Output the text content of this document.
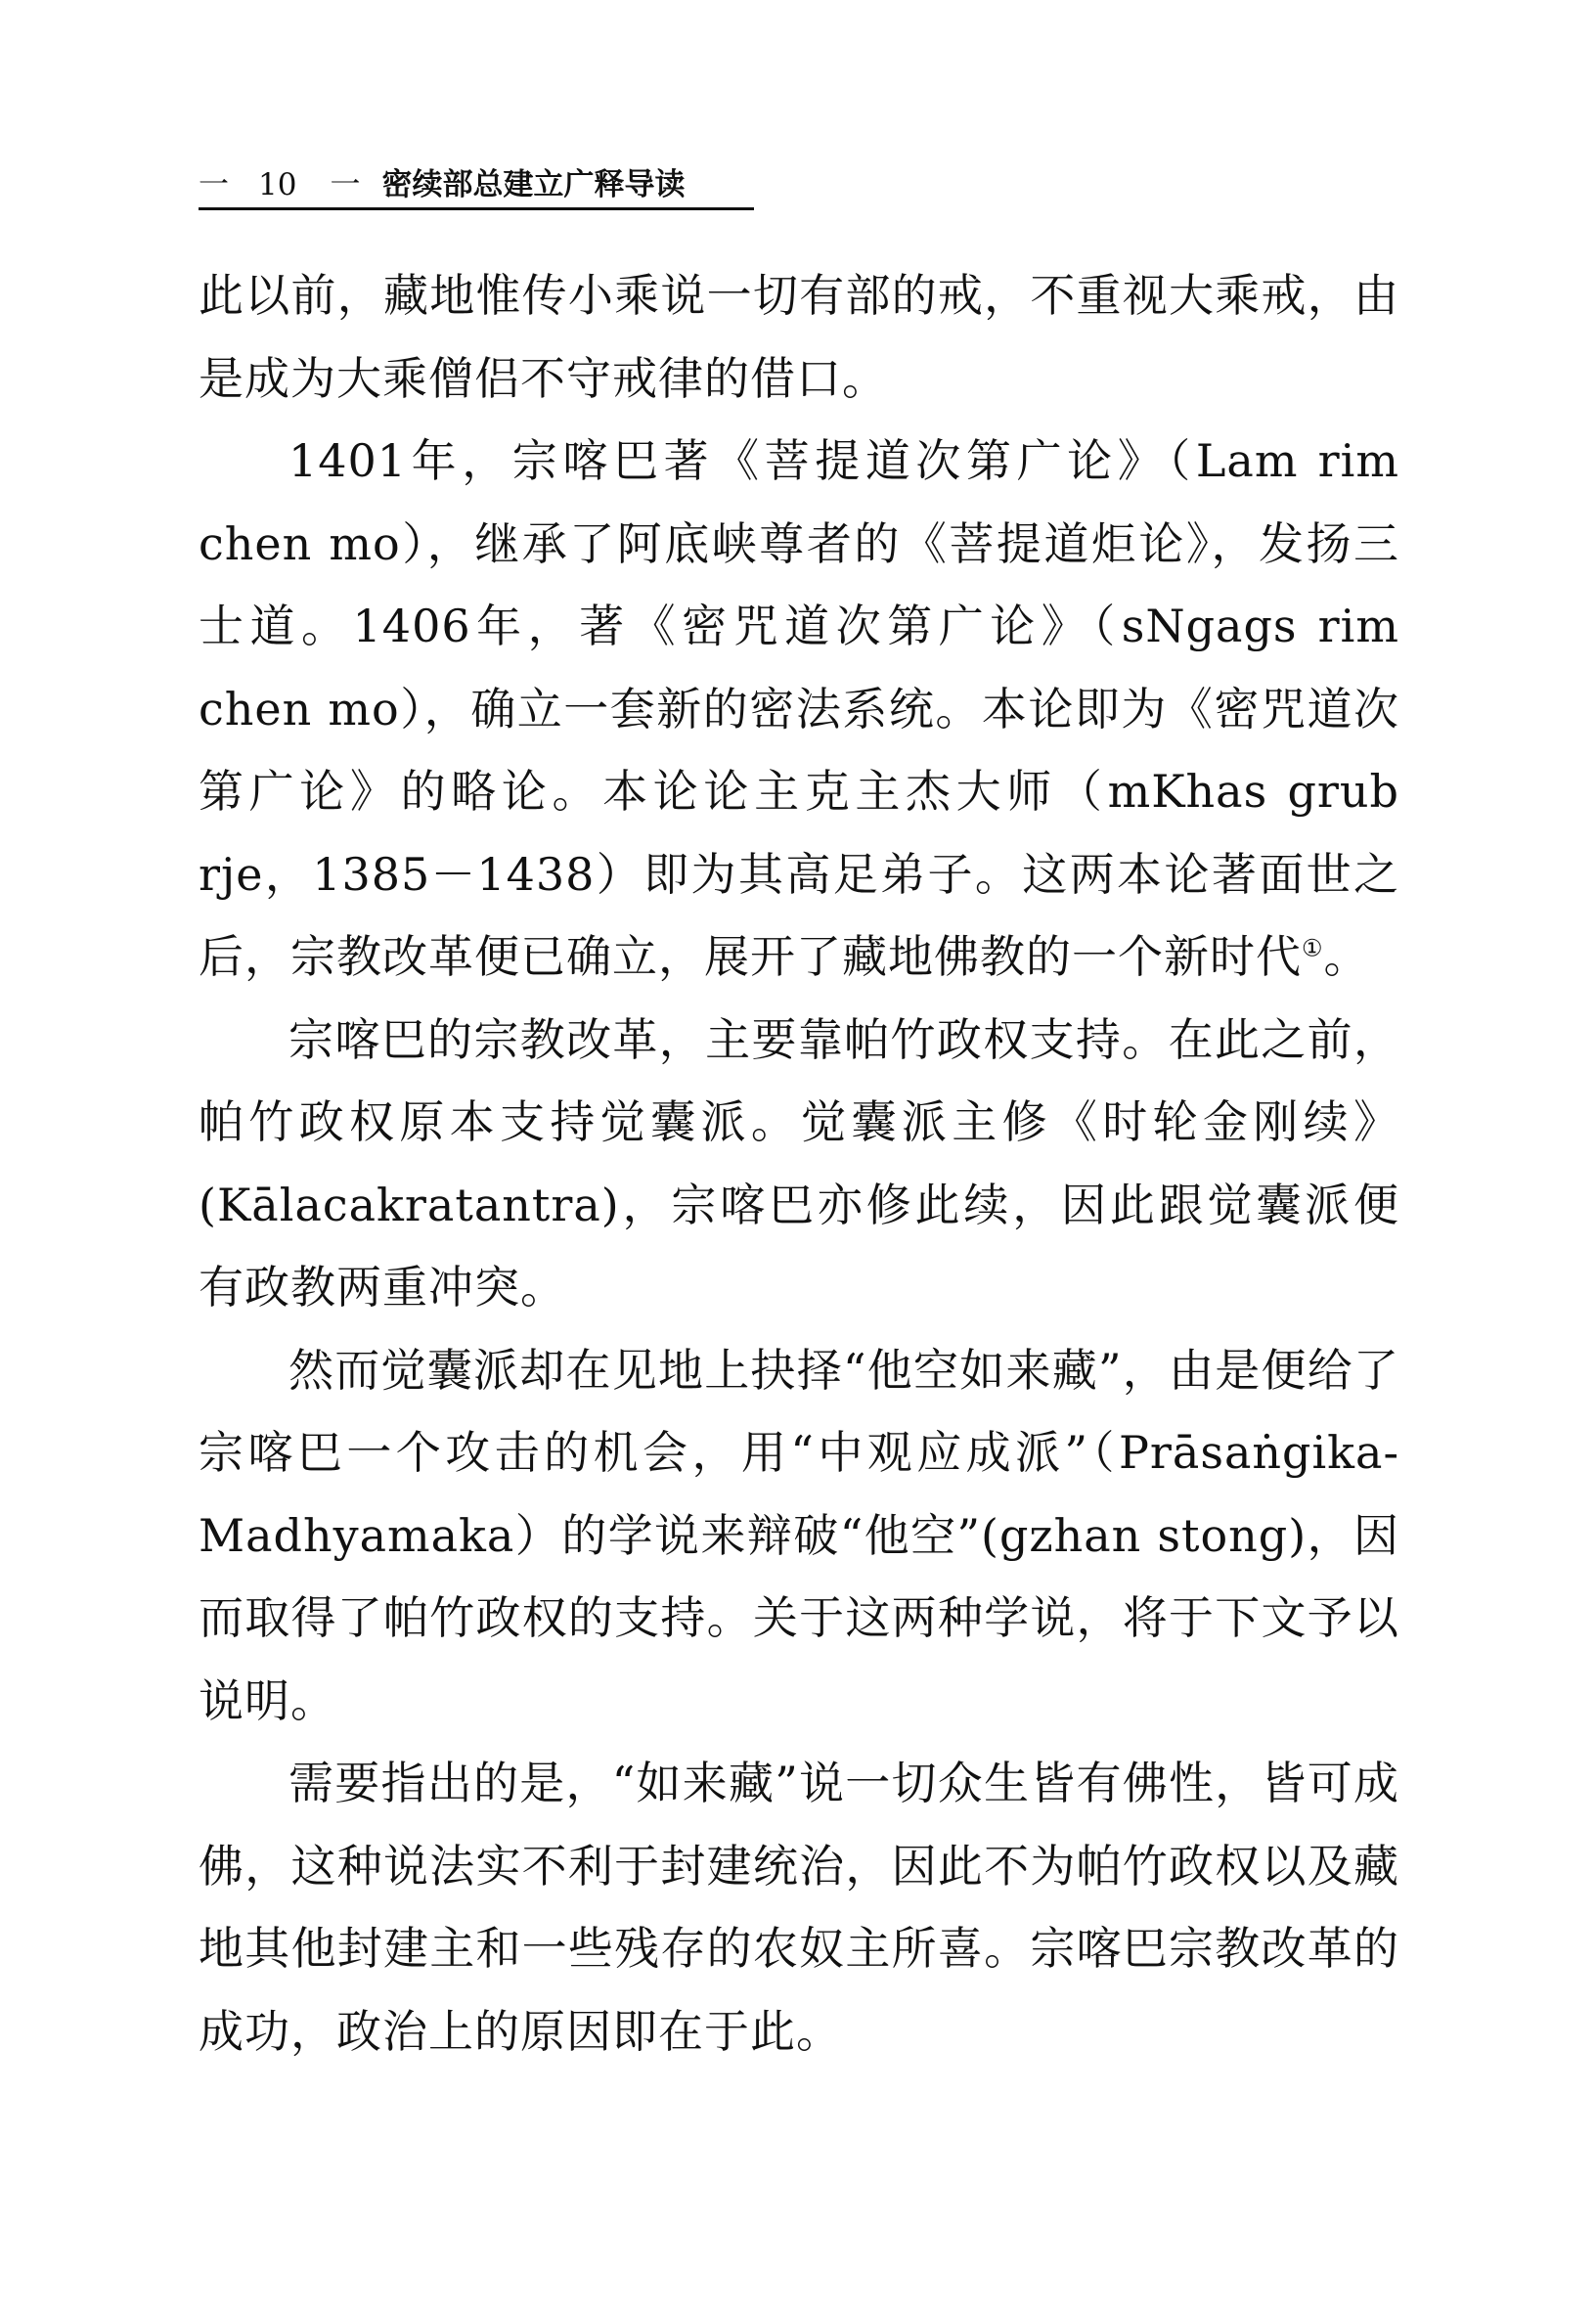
一 10 一 密续部总建立广释导读

此以前，藏地惟传小乘说一切有部的戒，不重视大乘戒，由是成为大乘僧侣不守戒律的借口。

1401年，宗喀巴著《菩提道次第广论》（Lam rim chen mo），继承了阿底峡尊者的《菩提道炬论》，发扬三士道。1406年，著《密咒道次第广论》（sNgags rim chen mo），确立一套新的密法系统。本论即为《密咒道次第广论》的略论。本论论主克主杰大师（mKhas grub rje，1385－1438）即为其高足弟子。这两本论著面世之后，宗教改革便已确立，展开了藏地佛教的一个新时代①。

宗喀巴的宗教改革，主要靠帕竹政权支持。在此之前，帕竹政权原本支持觉囊派。觉囊派主修《时轮金刚续》(Kālacakratantra)，宗喀巴亦修此续，因此跟觉囊派便有政教两重冲突。

然而觉囊派却在见地上抉择“他空如来藏”，由是便给了宗喀巴一个攻击的机会，用“中观应成派”（Prāsaṅgika-Madhyamaka）的学说来辩破“他空”(gzhan stong)，因而取得了帕竹政权的支持。关于这两种学说，将于下文予以说明。

需要指出的是，“如来藏”说一切众生皆有佛性，皆可成佛，这种说法实不利于封建统治，因此不为帕竹政权以及藏地其他封建主和一些残存的农奴主所喜。宗喀巴宗教改革的成功，政治上的原因即在于此。
